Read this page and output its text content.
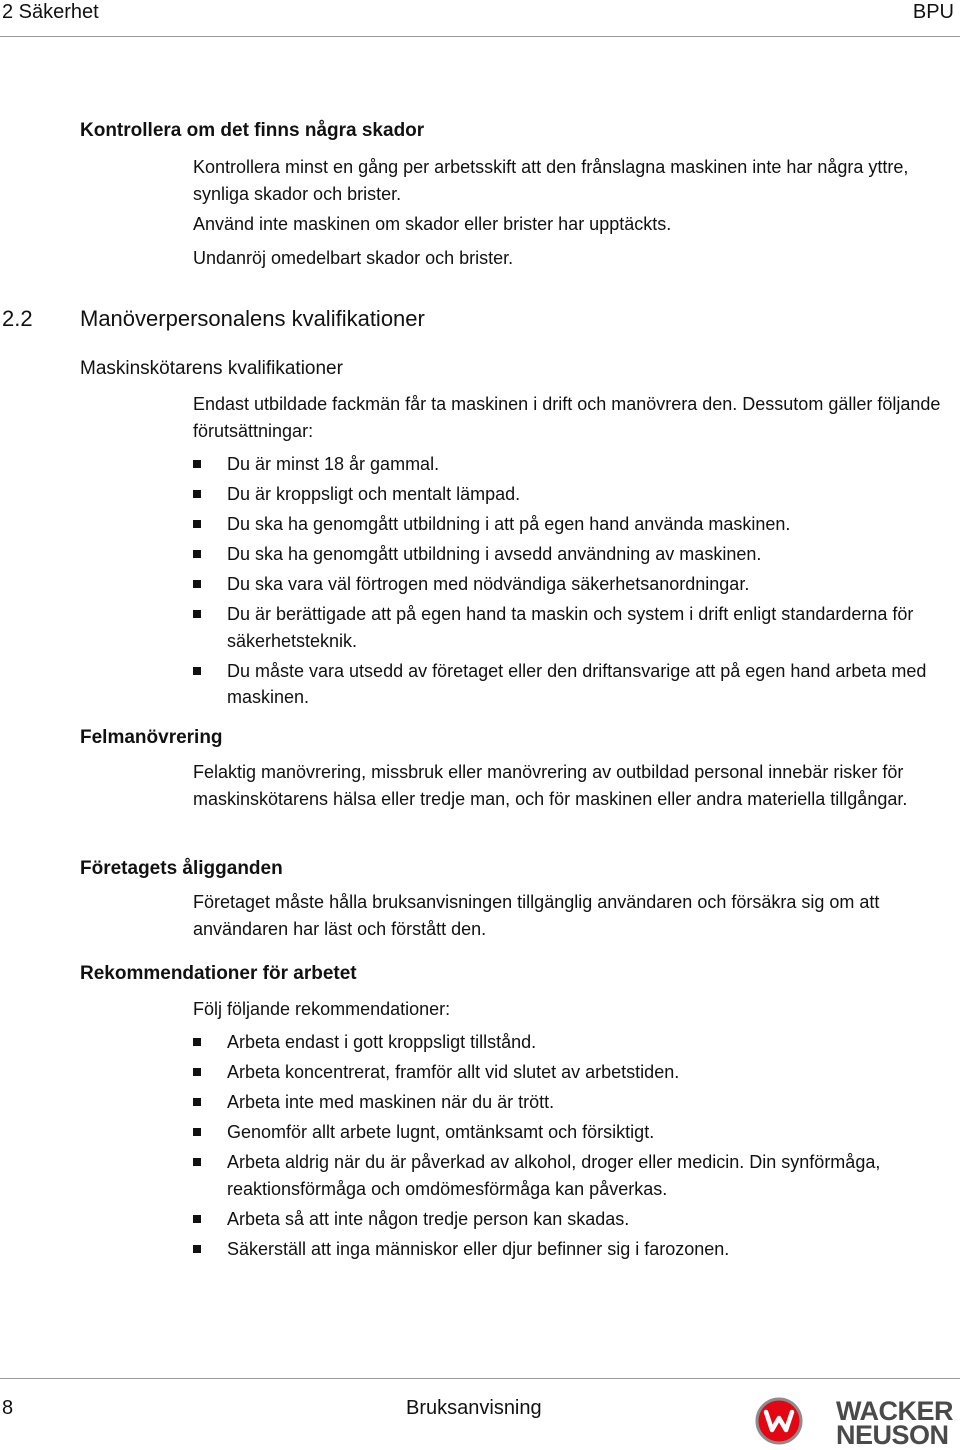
2 Säkerhet	BPU
Kontrollera om det finns några skador

Kontrollera minst en gång per arbetsskift att den frånslagna maskinen inte har några yttre, synliga skador och brister.

Använd inte maskinen om skador eller brister har upptäckts.

Undanröj omedelbart skador och brister.

2.2 Manöverpersonalens kvalifikationer
Maskinskötarens kvalifikationer

Endast utbildade fackmän får ta maskinen i drift och manövrera den. Dessutom gäller följande förutsättningar:

Du är minst 18 år gammal.
Du är kroppsligt och mentalt lämpad.
Du ska ha genomgått utbildning i att på egen hand använda maskinen.
Du ska ha genomgått utbildning i avsedd användning av maskinen.
Du ska vara väl förtrogen med nödvändiga säkerhetsanordningar.
Du är berättigade att på egen hand ta maskin och system i drift enligt standarderna för säkerhetsteknik.
Du måste vara utsedd av företaget eller den driftansvarige att på egen hand arbeta med maskinen.
Felmanövrering

Felaktig manövrering, missbruk eller manövrering av outbildad personal innebär risker för maskinskötarens hälsa eller tredje man, och för maskinen eller andra materiella tillgångar.

Företagets åligganden

Företaget måste hålla bruksanvisningen tillgänglig användaren och försäkra sig om att användaren har läst och förstått den.

Rekommendationer för arbetet

Följ följande rekommendationer:

Arbeta endast i gott kroppsligt tillstånd.
Arbeta koncentrerat, framför allt vid slutet av arbetstiden.
Arbeta inte med maskinen när du är trött.
Genomför allt arbete lugnt, omtänksamt och försiktigt.
Arbeta aldrig när du är påverkad av alkohol, droger eller medicin. Din synförmåga, reaktionsförmåga och omdömesförmåga kan påverkas.
Arbeta så att inte någon tredje person kan skadas.
Säkerställ att inga människor eller djur befinner sig i farozonen.
8	Bruksanvisning	WACKER
NEUSON
